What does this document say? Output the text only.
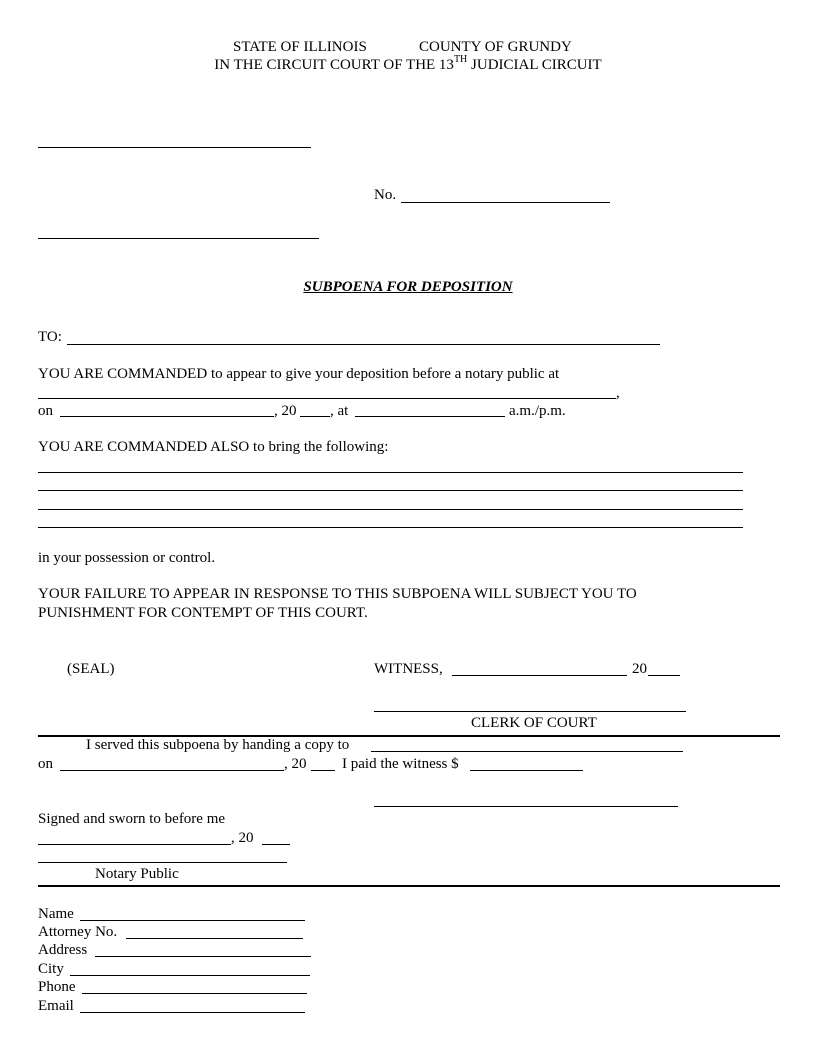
STATE OF ILLINOIS	COUNTY OF GRUNDY
IN THE CIRCUIT COURT OF THE 13TH JUDICIAL CIRCUIT
No.
SUBPOENA FOR DEPOSITION
TO:
YOU ARE COMMANDED to appear to give your deposition before a notary public at
,
on	, 20 , at	a.m./p.m.
YOU ARE COMMANDED ALSO to bring the following:
in your possession or control.
YOUR FAILURE TO APPEAR IN RESPONSE TO THIS SUBPOENA WILL SUBJECT YOU TO
PUNISHMENT FOR CONTEMPT OF THIS COURT.
(SEAL)	WITNESS,	20
CLERK OF COURT
I served this subpoena by handing a copy to
on	, 20 I paid the witness $
Signed and sworn to before me
, 20
Notary Public
Name
Attorney No.
Address
City
Phone
Email
